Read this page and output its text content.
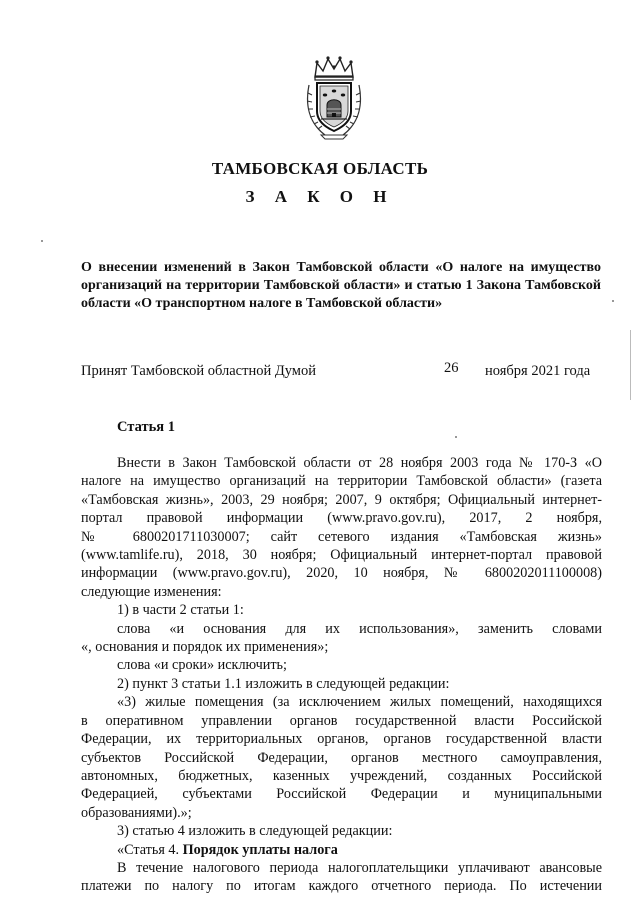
ТАМБОВСКАЯ ОБЛАСТЬ
З А К О Н
О внесении изменений в Закон Тамбовской области «О налоге на имущество организаций на территории Тамбовской области» и статью 1 Закона Тамбовской области «О транспортном налоге в Тамбовской области»
Принят Тамбовской областной Думой	26 ноября 2021 года
Статья 1

Внести в Закон Тамбовской области от 28 ноября 2003 года № 170-З «О

налоге на имущество организаций на территории Тамбовской области» (газета

«Тамбовская жизнь», 2003, 29 ноября; 2007, 9 октября; Официальный интернет-

портал правовой информации (www.pravo.gov.ru), 2017, 2 ноября,

№ 6800201711030007; сайт сетевого издания «Тамбовская жизнь»

(www.tamlife.ru), 2018, 30 ноября; Официальный интернет-портал правовой

информации (www.pravo.gov.ru), 2020, 10 ноября, № 6800202011100008)

следующие изменения:

1) в части 2 статьи 1:

слова «и основания для их использования», заменить словами

«, основания и порядок их применения»;

слова «и сроки» исключить;

2) пункт 3 статьи 1.1 изложить в следующей редакции:

«3) жилые помещения (за исключением жилых помещений, находящихся

в оперативном управлении органов государственной власти Российской

Федерации, их территориальных органов, органов государственной власти

субъектов Российской Федерации, органов местного самоуправления,

автономных, бюджетных, казенных учреждений, созданных Российской

Федерацией, субъектами Российской Федерации и муниципальными

образованиями).»;

3) статью 4 изложить в следующей редакции:

«Статья 4. Порядок уплаты налога

В течение налогового периода налогоплательщики уплачивают авансовые

платежи по налогу по итогам каждого отчетного периода. По истечении
